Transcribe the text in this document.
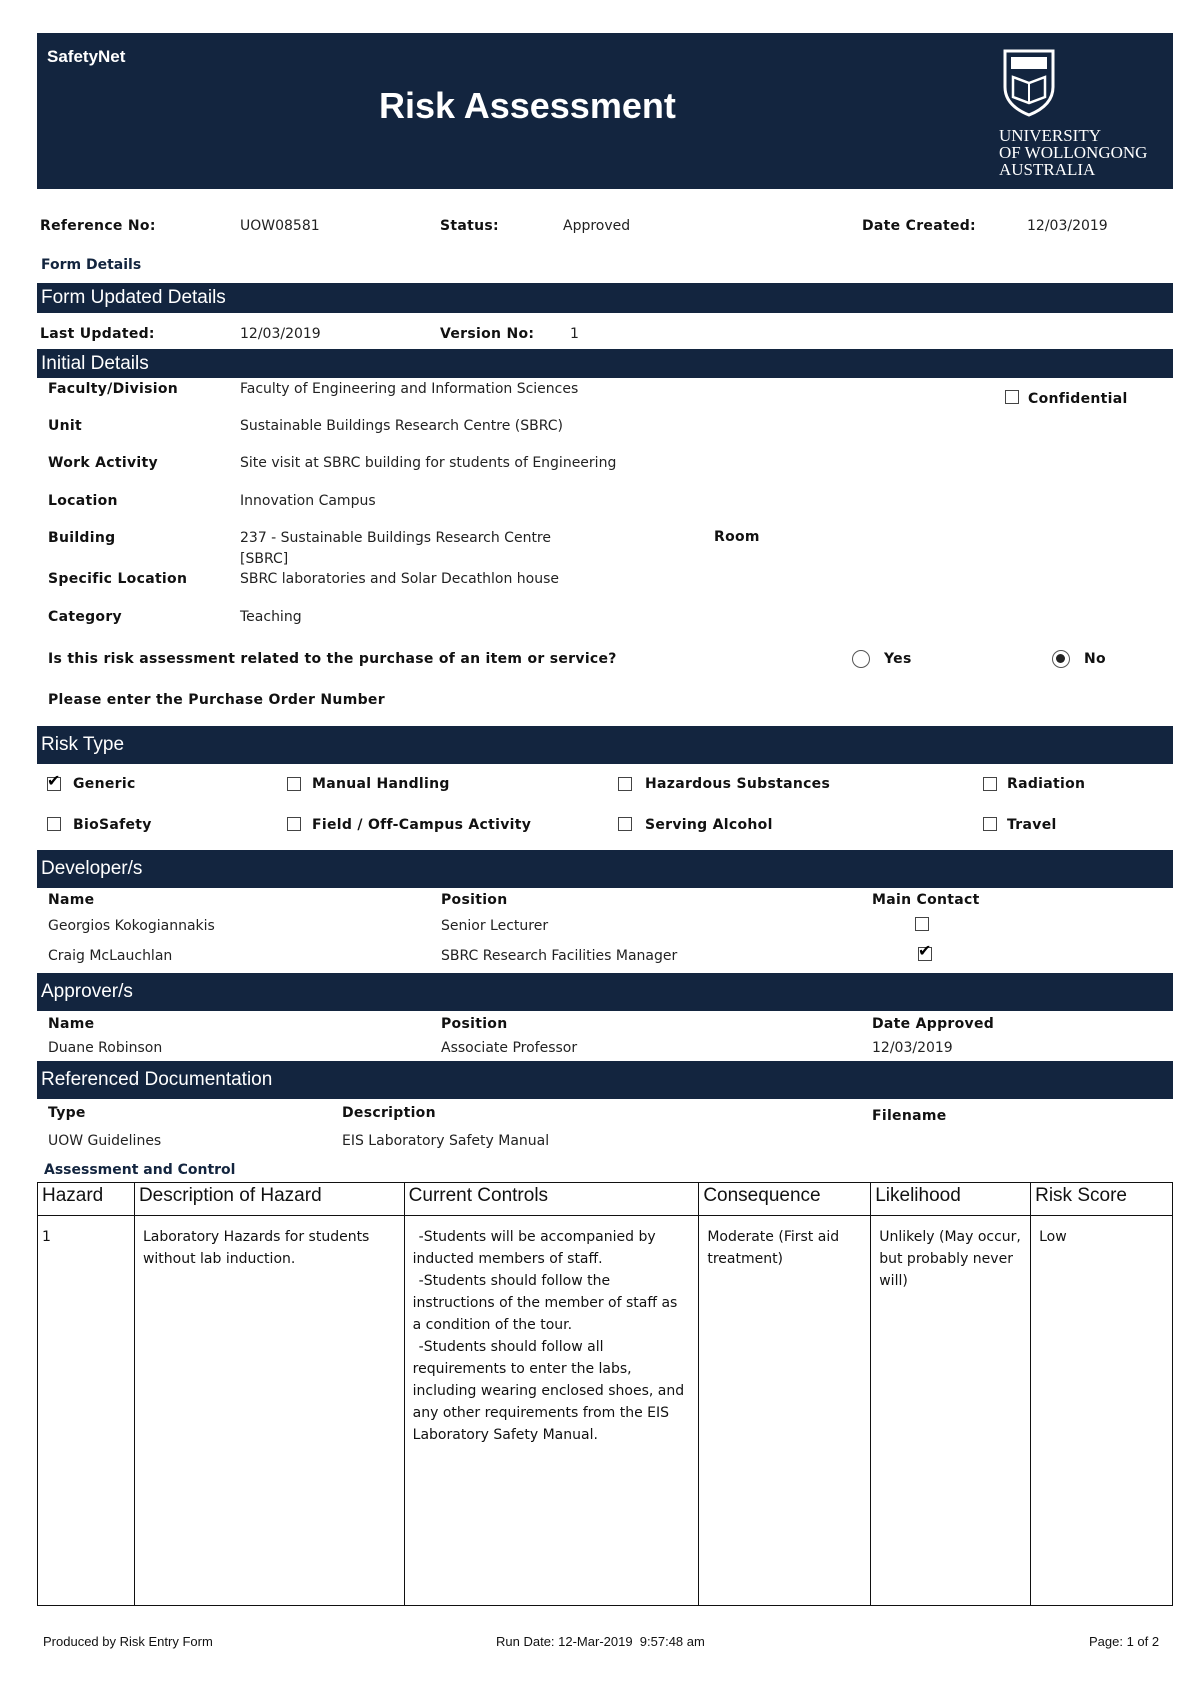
SafetyNet
Risk Assessment
UNIVERSITY
OF WOLLONGONG
AUSTRALIA
Reference No:	UOW08581	Status:	Approved	Date Created:	12/03/2019
Form Details
Form Updated Details
Last Updated:	12/03/2019	Version No:	1
Initial Details
Faculty/Division	Faculty of Engineering and Information Sciences
Confidential
Unit	Sustainable Buildings Research Centre (SBRC)
Work Activity	Site visit at SBRC building for students of Engineering
Location	Innovation Campus
Building	237 - Sustainable Buildings Research Centre
[SBRC]
Room
Specific Location	SBRC laboratories and Solar Decathlon house
Category	Teaching
Is this risk assessment related to the purchase of an item or service?	Yes	No
Please enter the Purchase Order Number
Risk Type
✔ Generic	Manual Handling	Hazardous Substances	Radiation
BioSafety	Field / Off-Campus Activity	Serving Alcohol	Travel
Developer/s
Name	Position	Main Contact
Georgios Kokogiannakis	Senior Lecturer
Craig McLauchlan	SBRC Research Facilities Manager	✔
Approver/s
Name	Position	Date Approved
Duane Robinson	Associate Professor	12/03/2019
Referenced Documentation
Type	Description	Filename
UOW Guidelines	EIS Laboratory Safety Manual
Assessment and Control
Hazard	Description of Hazard	Current Controls	Consequence	Likelihood	Risk Score
1	Laboratory Hazards for students without lab induction.	-Students will be accompanied by inducted members of staff.
-Students should follow the instructions of the member of staff as a condition of the tour.
-Students should follow all requirements to enter the labs, including wearing enclosed shoes, and any other requirements from the EIS Laboratory Safety Manual.	Moderate (First aid treatment)	Unlikely (May occur, but probably never will)	Low
Produced by Risk Entry Form	Run Date: 12-Mar-2019  9:57:48 am	Page: 1 of 2
